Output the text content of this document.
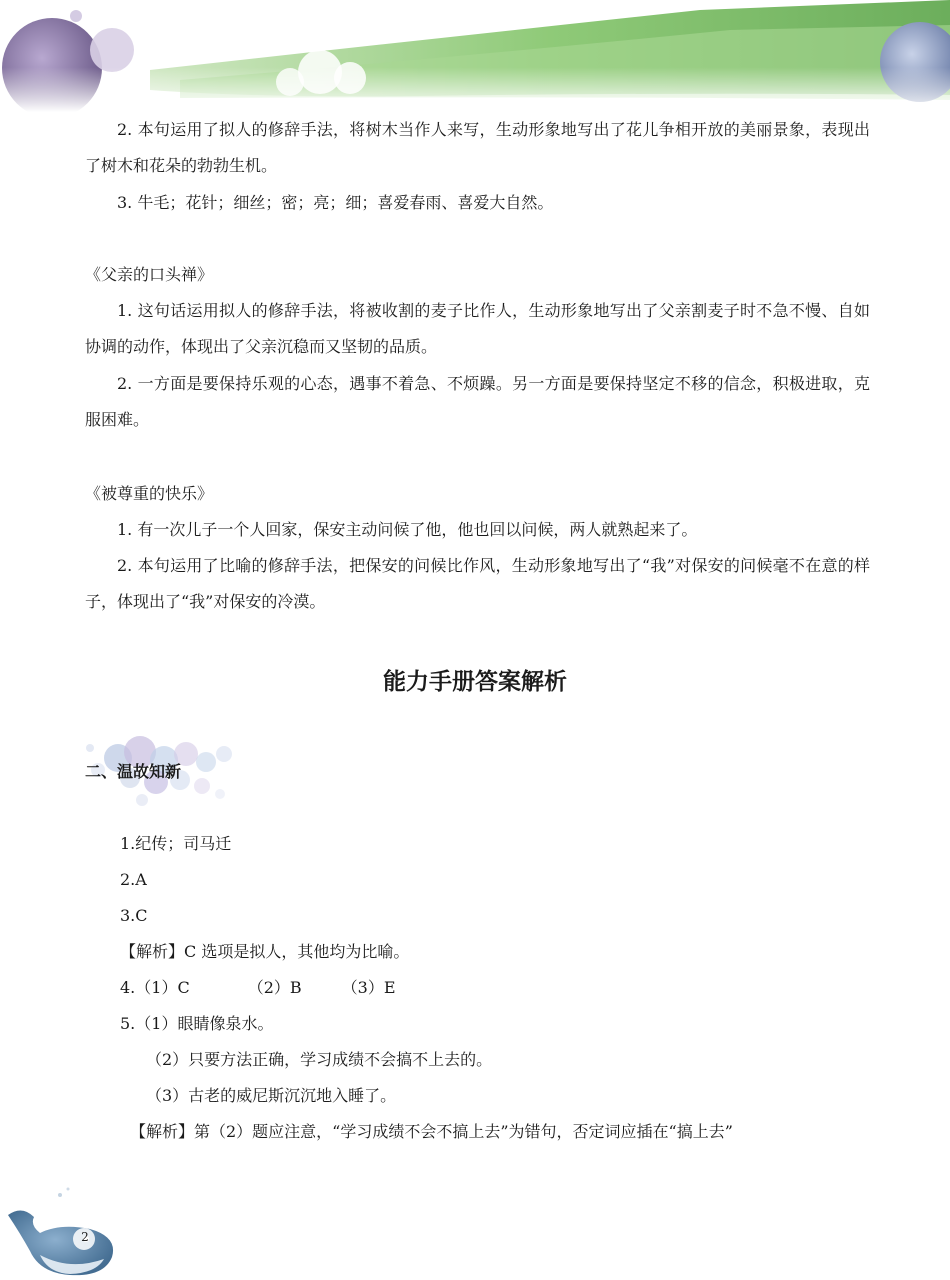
2. 本句运用了拟人的修辞手法，将树木当作人来写，生动形象地写出了花儿争相开放的美丽景象，表现出了树木和花朵的勃勃生机。
3. 牛毛；花针；细丝；密；亮；细；喜爱春雨、喜爱大自然。
《父亲的口头禅》
1. 这句话运用拟人的修辞手法，将被收割的麦子比作人，生动形象地写出了父亲割麦子时不急不慢、自如协调的动作，体现出了父亲沉稳而又坚韧的品质。
2. 一方面是要保持乐观的心态，遇事不着急、不烦躁。另一方面是要保持坚定不移的信念，积极进取，克服困难。
《被尊重的快乐》
1. 有一次儿子一个人回家，保安主动问候了他，他也回以问候，两人就熟起来了。
2. 本句运用了比喻的修辞手法，把保安的问候比作风，生动形象地写出了“我”对保安的问候毫不在意的样子，体现出了“我”对保安的冷漠。
能力手册答案解析
二、温故知新
1.纪传；司马迁
2.A
3.C
【解析】C 选项是拟人，其他均为比喻。
4.（1）C	（2）B	（3）E
5.（1）眼睛像泉水。
（2）只要方法正确，学习成绩不会搞不上去的。
（3）古老的威尼斯沉沉地入睡了。
【解析】第（2）题应注意，“学习成绩不会不搞上去”为错句，否定词应插在“搞上去”
2
